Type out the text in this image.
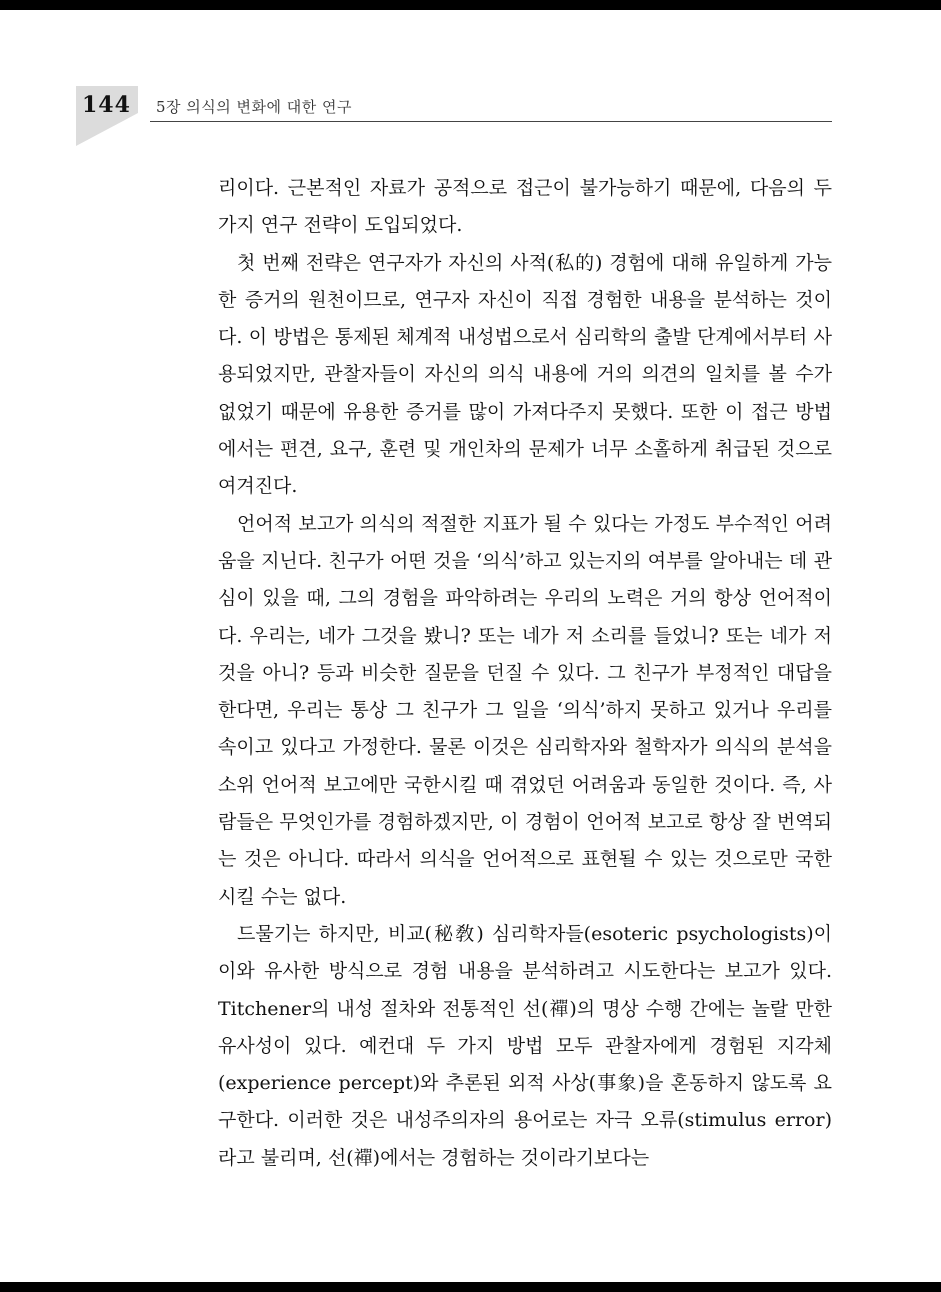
144 5장 의식의 변화에 대한 연구

리이다. 근본적인 자료가 공적으로 접근이 불가능하기 때문에, 다음의 두 가지 연구 전략이 도입되었다.

첫 번째 전략은 연구자가 자신의 사적(私的) 경험에 대해 유일하게 가능한 증거의 원천이므로, 연구자 자신이 직접 경험한 내용을 분석하는 것이다. 이 방법은 통제된 체계적 내성법으로서 심리학의 출발 단계에서부터 사용되었지만, 관찰자들이 자신의 의식 내용에 거의 의견의 일치를 볼 수가 없었기 때문에 유용한 증거를 많이 가져다주지 못했다. 또한 이 접근 방법에서는 편견, 요구, 훈련 및 개인차의 문제가 너무 소홀하게 취급된 것으로 여겨진다.

언어적 보고가 의식의 적절한 지표가 될 수 있다는 가정도 부수적인 어려움을 지닌다. 친구가 어떤 것을 ‘의식’하고 있는지의 여부를 알아내는 데 관심이 있을 때, 그의 경험을 파악하려는 우리의 노력은 거의 항상 언어적이다. 우리는, 네가 그것을 봤니? 또는 네가 저 소리를 들었니? 또는 네가 저것을 아니? 등과 비슷한 질문을 던질 수 있다. 그 친구가 부정적인 대답을 한다면, 우리는 통상 그 친구가 그 일을 ‘의식’하지 못하고 있거나 우리를 속이고 있다고 가정한다. 물론 이것은 심리학자와 철학자가 의식의 분석을 소위 언어적 보고에만 국한시킬 때 겪었던 어려움과 동일한 것이다. 즉, 사람들은 무엇인가를 경험하겠지만, 이 경험이 언어적 보고로 항상 잘 번역되는 것은 아니다. 따라서 의식을 언어적으로 표현될 수 있는 것으로만 국한시킬 수는 없다.

드물기는 하지만, 비교(秘敎) 심리학자들(esoteric psychologists)이 이와 유사한 방식으로 경험 내용을 분석하려고 시도한다는 보고가 있다. Titchener의 내성 절차와 전통적인 선(禪)의 명상 수행 간에는 놀랄 만한 유사성이 있다. 예컨대 두 가지 방법 모두 관찰자에게 경험된 지각체(experience percept)와 추론된 외적 사상(事象)을 혼동하지 않도록 요구한다. 이러한 것은 내성주의자의 용어로는 자극 오류(stimulus error)라고 불리며, 선(禪)에서는 경험하는 것이라기보다는
